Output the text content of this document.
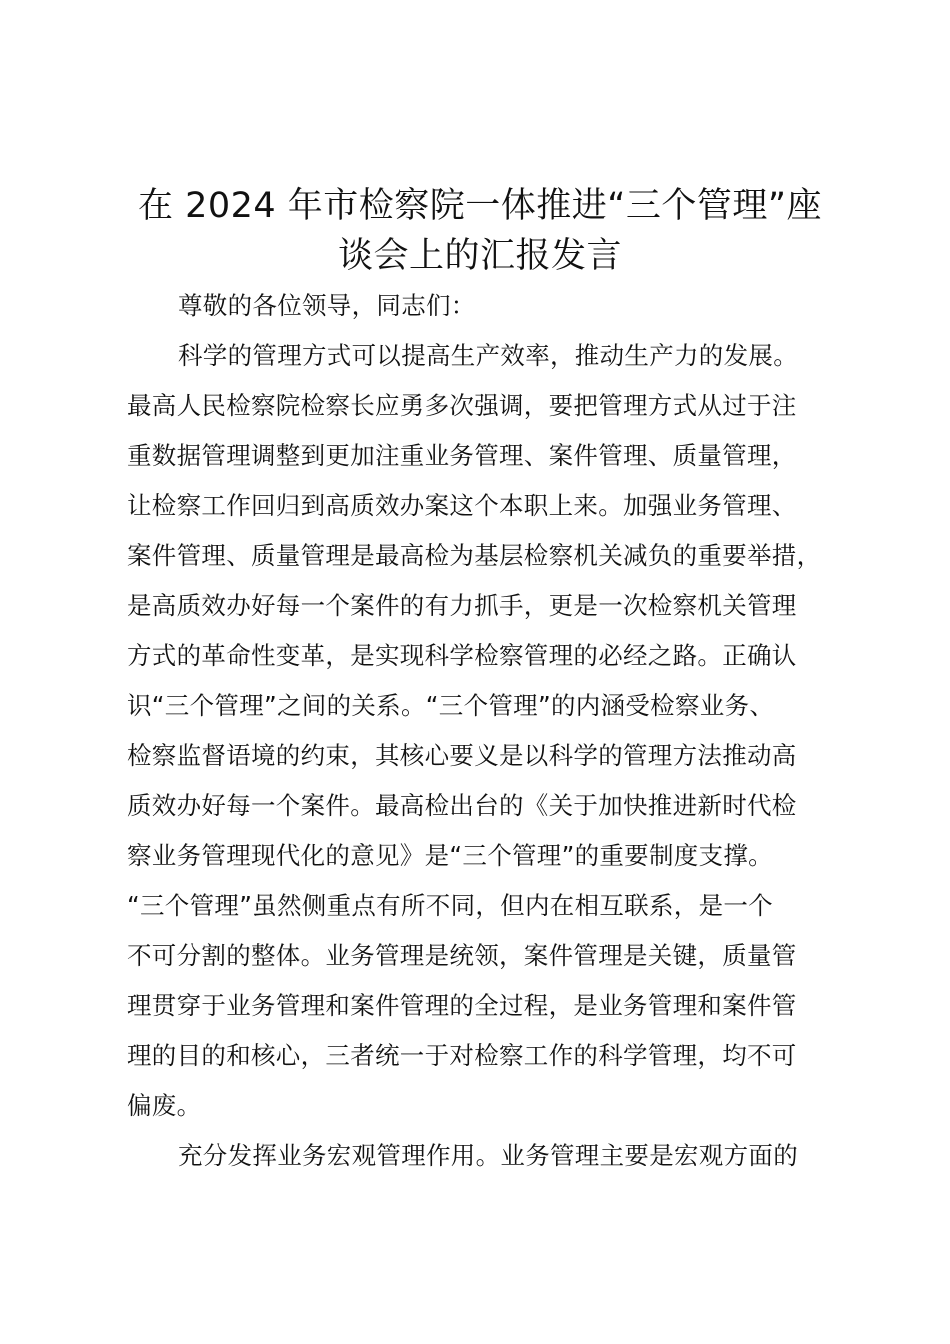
在 2024 年市检察院一体推进“三个管理”座
谈会上的汇报发言
尊敬的各位领导，同志们：
科学的管理方式可以提高生产效率，推动生产力的发展。
最高人民检察院检察长应勇多次强调，要把管理方式从过于注
重数据管理调整到更加注重业务管理、案件管理、质量管理，
让检察工作回归到高质效办案这个本职上来。加强业务管理、
案件管理、质量管理是最高检为基层检察机关减负的重要举措，
是高质效办好每一个案件的有力抓手，更是一次检察机关管理
方式的革命性变革，是实现科学检察管理的必经之路。正确认
识“三个管理”之间的关系。“三个管理”的内涵受检察业务、
检察监督语境的约束，其核心要义是以科学的管理方法推动高
质效办好每一个案件。最高检出台的《关于加快推进新时代检
察业务管理现代化的意见》是“三个管理”的重要制度支撑。
“三个管理”虽然侧重点有所不同，但内在相互联系，是一个
不可分割的整体。业务管理是统领，案件管理是关键，质量管
理贯穿于业务管理和案件管理的全过程，是业务管理和案件管
理的目的和核心，三者统一于对检察工作的科学管理，均不可
偏废。
充分发挥业务宏观管理作用。业务管理主要是宏观方面的
